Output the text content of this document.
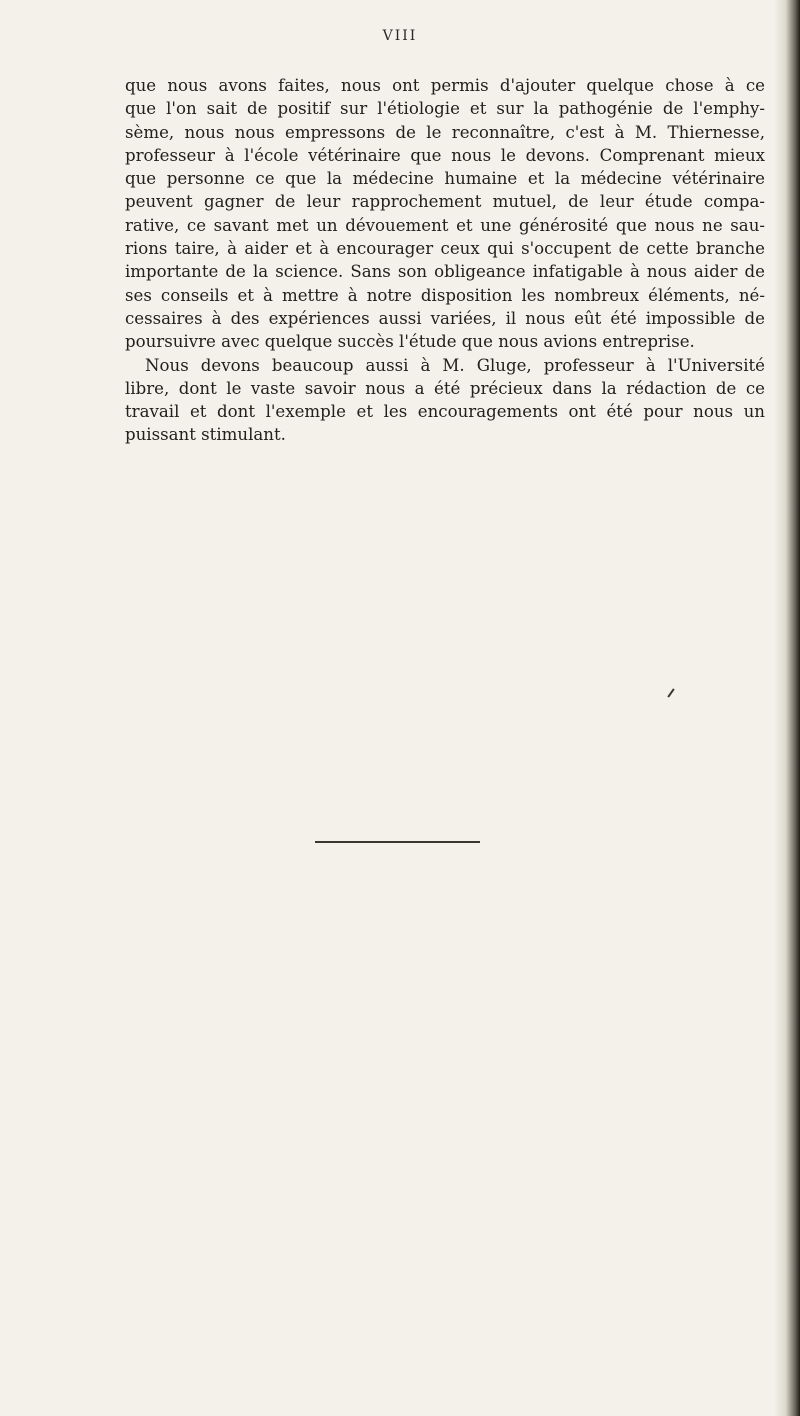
VIII
que nous avons faites, nous ont permis d'ajouter quelque chose à ce
que l'on sait de positif sur l'étiologie et sur la pathogénie de l'emphy-
sème, nous nous empressons de le reconnaître, c'est à M. Thiernesse,
professeur à l'école vétérinaire que nous le devons. Comprenant mieux
que personne ce que la médecine humaine et la médecine vétérinaire
peuvent gagner de leur rapprochement mutuel, de leur étude compa-
rative, ce savant met un dévouement et une générosité que nous ne sau-
rions taire, à aider et à encourager ceux qui s'occupent de cette branche
importante de la science. Sans son obligeance infatigable à nous aider de
ses conseils et à mettre à notre disposition les nombreux éléments, né-
cessaires à des expériences aussi variées, il nous eût été impossible de
poursuivre avec quelque succès l'étude que nous avions entreprise.
Nous devons beaucoup aussi à M. Gluge, professeur à l'Université
libre, dont le vaste savoir nous a été précieux dans la rédaction de ce
travail et dont l'exemple et les encouragements ont été pour nous un
puissant stimulant.
